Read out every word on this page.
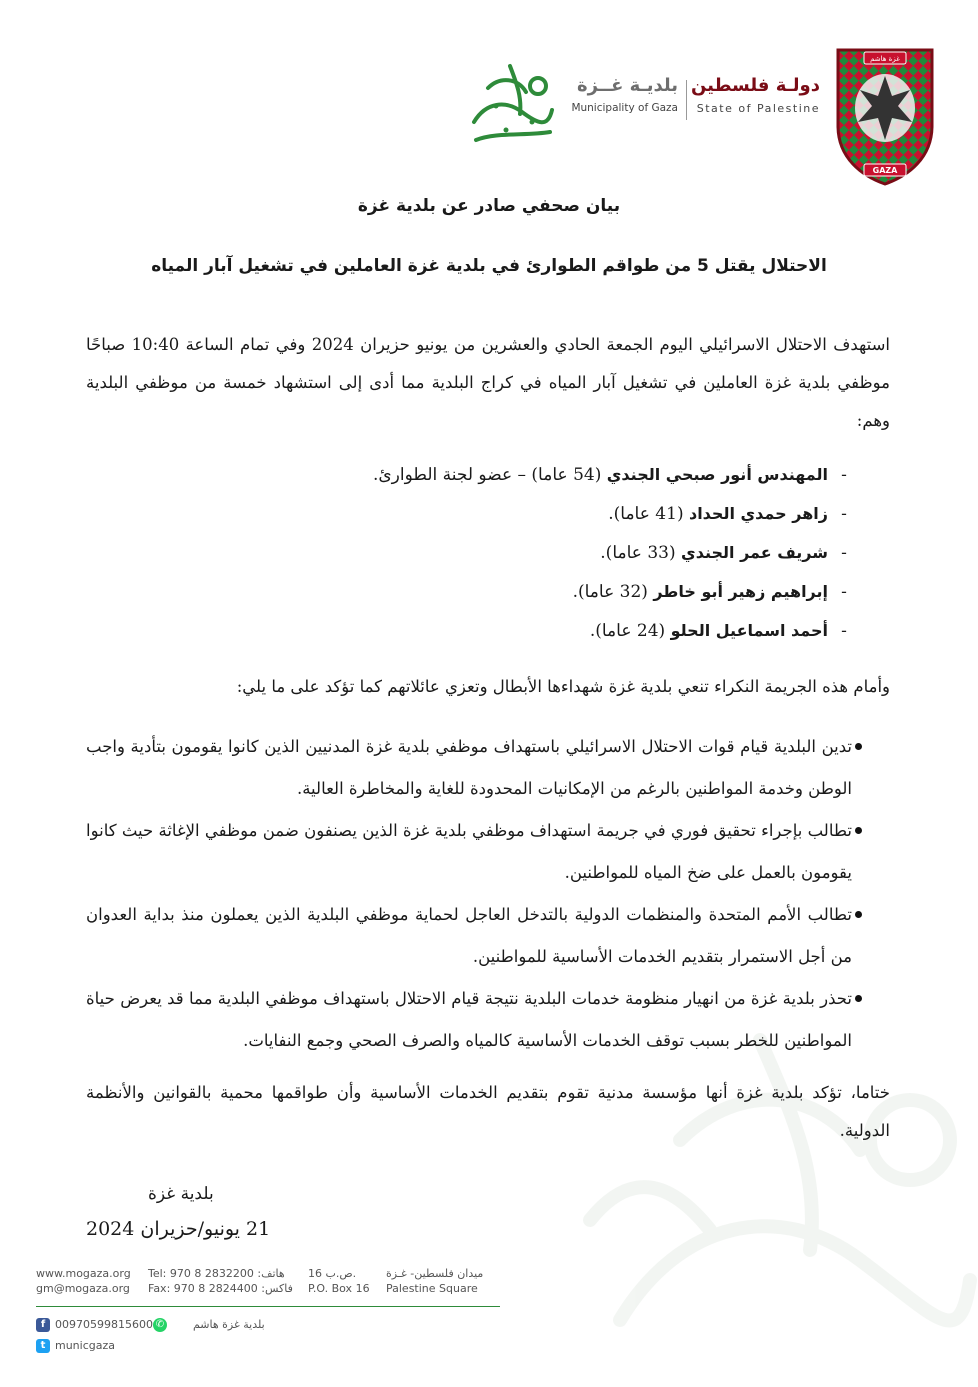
غزة هاشم
GAZA
دولـة فلسطين
State of Palestine
بلديـة غــزة
Municipality of Gaza
كافي التنمية
بيان صحفي صادر عن بلدية غزة
الاحتلال يقتل 5 من طواقم الطوارئ في بلدية غزة العاملين في تشغيل آبار المياه
استهدف الاحتلال الاسرائيلي اليوم الجمعة الحادي والعشرين من يونيو حزيران 2024 وفي تمام الساعة 10:40 صباحًا موظفي بلدية غزة العاملين في تشغيل آبار المياه في كراج البلدية مما أدى إلى استشهاد خمسة من موظفي البلدية وهم:
-المهندس أنور صبحي الجندي (54 عاما) – عضو لجنة الطوارئ.
-زاهر حمدي الحداد (41 عاما).
-شريف عمر الجندي (33 عاما).
-إبراهيم زهير أبو خاطر (32 عاما).
-أحمد اسماعيل الحلو (24 عاما).
وأمام هذه الجريمة النكراء تنعي بلدية غزة شهداءها الأبطال وتعزي عائلاتهم كما تؤكد على ما يلي:
تدين البلدية قيام قوات الاحتلال الاسرائيلي باستهداف موظفي بلدية غزة المدنيين الذين كانوا يقومون بتأدية واجب الوطن وخدمة المواطنين بالرغم من الإمكانيات المحدودة للغاية والمخاطرة العالية.
تطالب بإجراء تحقيق فوري في جريمة استهداف موظفي بلدية غزة الذين يصنفون ضمن موظفي الإغاثة حيث كانوا يقومون بالعمل على ضخ المياه للمواطنين.
تطالب الأمم المتحدة والمنظمات الدولية بالتدخل العاجل لحماية موظفي البلدية الذين يعملون منذ بداية العدوان من أجل الاستمرار بتقديم الخدمات الأساسية للمواطنين.
تحذر بلدية غزة من انهيار منظومة خدمات البلدية نتيجة قيام الاحتلال باستهداف موظفي البلدية مما قد يعرض حياة المواطنين للخطر بسبب توقف الخدمات الأساسية كالمياه والصرف الصحي وجمع النفايات.
ختاما، تؤكد بلدية غزة أنها مؤسسة مدنية تقوم بتقديم الخدمات الأساسية وأن طواقمها محمية بالقوانين والأنظمة الدولية.
بلدية غزة
21 يونيو/حزيران 2024
www.mogaza.org Tel: 970 8 2832200 :هاتف 16 ص.ب.	ميدان فلسطين- غـزة
gm@mogaza.org Fax: 970 8 2824400 :فاكس P.O. Box 16 Palestine Square
f	بلدية غزة هاشم  ✆00970599815600
t municgaza
